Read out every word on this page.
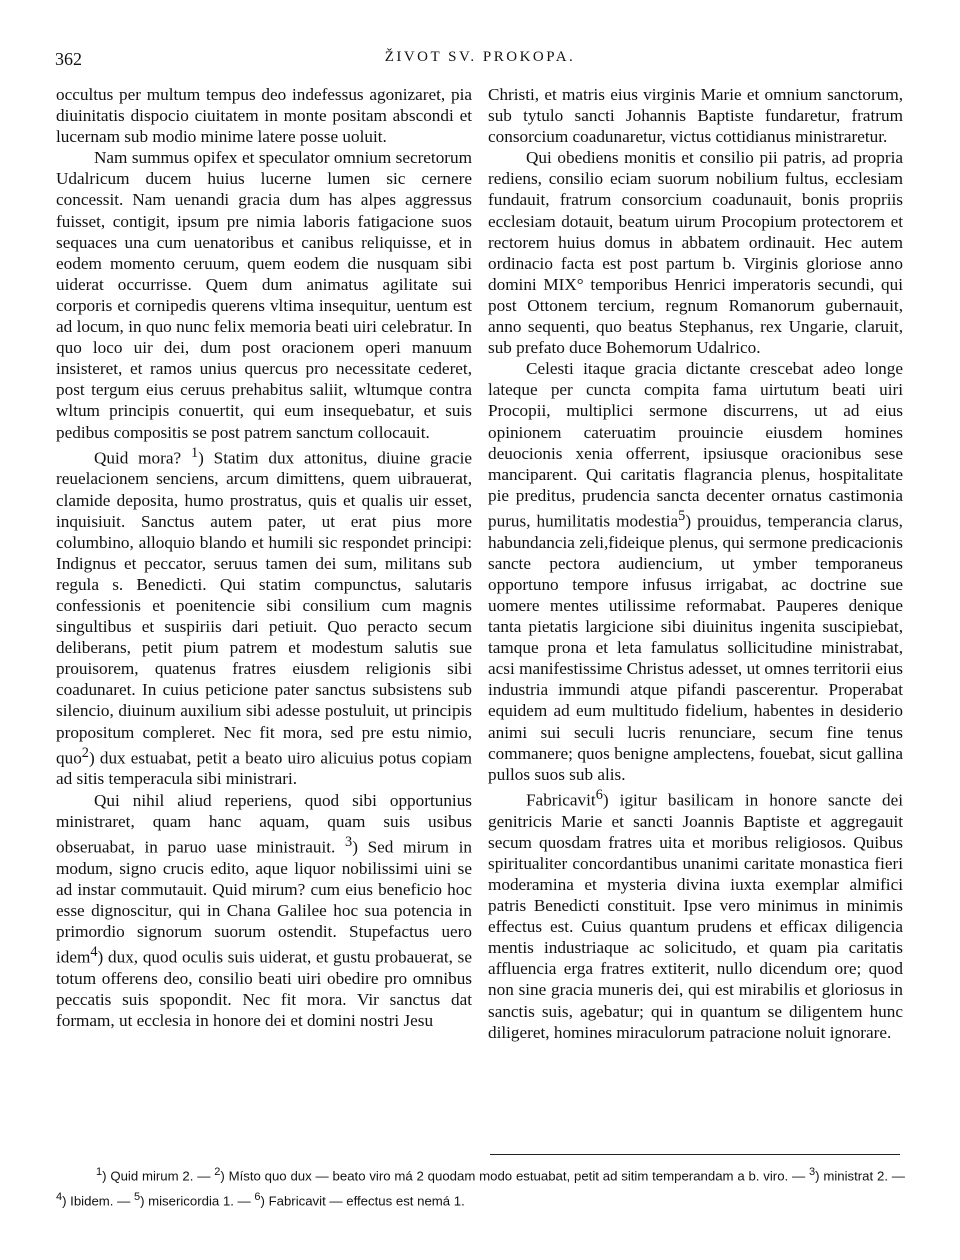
362	ŽIVOT SV. PROKOPA.

occultus per multum tempus deo indefessus agonizaret, pia diuinitatis dispocio ciuitatem in monte positam abscondi et lucernam sub modio minime latere posse uoluit.

Nam summus opifex et speculator omnium secretorum Udalricum ducem huius lucerne lumen sic cernere concessit. Nam uenandi gracia dum has alpes aggressus fuisset, contigit, ipsum pre nimia laboris fatigacione suos sequaces una cum uenatoribus et canibus reliquisse, et in eodem momento ceruum, quem eodem die nusquam sibi uiderat occurrisse. Quem dum animatus agilitate sui corporis et cornipedis querens vltima insequitur, uentum est ad locum, in quo nunc felix memoria beati uiri celebratur. In quo loco uir dei, dum post oracionem operi manuum insisteret, et ramos unius quercus pro necessitate cederet, post tergum eius ceruus prehabitus saliit, wltumque contra wltum principis conuertit, qui eum insequebatur, et suis pedibus compositis se post patrem sanctum collocauit.

Quid mora? $^1$) Statim dux attonitus, diuine gracie reuelacionem senciens, arcum dimittens, quem uibrauerat, clamide deposita, humo prostratus, quis et qualis uir esset, inquisiuit. Sanctus autem pater, ut erat pius more columbino, alloquio blando et humili sic respondet principi: Indignus et peccator, seruus tamen dei sum, militans sub regula s. Benedicti. Qui statim compunctus, salutaris confessionis et poenitencie sibi consilium cum magnis singultibus et suspiriis dari petiuit. Quo peracto secum deliberans, petit pium patrem et modestum salutis sue prouisorem, quatenus fratres eiusdem religionis sibi coadunaret. In cuius peticione pater sanctus subsistens sub silencio, diuinum auxilium sibi adesse postuluit, ut principis propositum compleret. Nec fit mora, sed pre estu nimio, quo$^2$) dux estuabat, petit a beato uiro alicuius potus copiam ad sitis temperacula sibi ministrari.

Qui nihil aliud reperiens, quod sibi opportunius ministraret, quam hanc aquam, quam suis usibus obseruabat, in paruo uase ministrauit. $^3$) Sed mirum in modum, signo crucis edito, aque liquor nobilissimi uini se ad instar commutauit. Quid mirum? cum eius beneficio hoc esse dignoscitur, qui in Chana Galilee hoc sua potencia in primordio signorum suorum ostendit. Stupefactus uero idem$^4$) dux, quod oculis suis uiderat, et gustu probauerat, se totum offerens deo, consilio beati uiri obedire pro omnibus peccatis suis spopondit. Nec fit mora. Vir sanctus dat formam, ut ecclesia in honore dei et domini nostri Jesu

Christi, et matris eius virginis Marie et omnium sanctorum, sub tytulo sancti Johannis Baptiste fundaretur, fratrum consorcium coadunaretur, victus cottidianus ministraretur.

Qui obediens monitis et consilio pii patris, ad propria rediens, consilio eciam suorum nobilium fultus, ecclesiam fundauit, fratrum consorcium coadunauit, bonis propriis ecclesiam dotauit, beatum uirum Procopium protectorem et rectorem huius domus in abbatem ordinauit. Hec autem ordinacio facta est post partum b. Virginis gloriose anno domini MIX° temporibus Henrici imperatoris secundi, qui post Ottonem tercium, regnum Romanorum gubernauit, anno sequenti, quo beatus Stephanus, rex Ungarie, claruit, sub prefato duce Bohemorum Udalrico.

Celesti itaque gracia dictante crescebat adeo longe lateque per cuncta compita fama uirtutum beati uiri Procopii, multiplici sermone discurrens, ut ad eius opinionem cateruatim prouincie eiusdem homines deuocionis xenia offerrent, ipsiusque oracionibus sese manciparent. Qui caritatis flagrancia plenus, hospitalitate pie preditus, prudencia sancta decenter ornatus castimonia purus, humilitatis modestia$^5$) prouidus, temperancia clarus, habundancia zeli,fideique plenus, qui sermone predicacionis sancte pectora audiencium, ut ymber temporaneus opportuno tempore infusus irrigabat, ac doctrine sue uomere mentes utilissime reformabat. Pauperes denique tanta pietatis largicione sibi diuinitus ingenita suscipiebat, tamque prona et leta famulatus sollicitudine ministrabat, acsi manifestissime Christus adesset, ut omnes territorii eius industria immundi atque pifandi pascerentur. Properabat equidem ad eum multitudo fidelium, habentes in desiderio animi sui seculi lucris renunciare, secum fine tenus commanere; quos benigne amplectens, fouebat, sicut gallina pullos suos sub alis.

Fabricavit$^6$) igitur basilicam in honore sancte dei genitricis Marie et sancti Joannis Baptiste et aggregauit secum quosdam fratres uita et moribus religiosos. Quibus spiritualiter concordantibus unanimi caritate monastica fieri moderamina et mysteria divina iuxta exemplar almifici patris Benedicti constituit. Ipse vero minimus in minimis effectus est. Cuius quantum prudens et efficax diligencia mentis industriaque ac solicitudo, et quam pia caritatis affluencia erga fratres extiterit, nullo dicendum ore; quod non sine gracia muneris dei, qui est mirabilis et gloriosus in sanctis suis, agebatur; qui in quantum se diligentem hunc diligeret, homines miraculorum patracione noluit ignorare.

$^1$) Quid mirum 2. — $^2$) Místo quo dux — beato viro má 2 quodam modo estuabat, petit ad sitim temperandam a b. viro. — $^3$) ministrat 2. — $^4$) Ibidem. — $^5$) misericordia 1. — $^6$) Fabricavit — effectus est nemá 1.
